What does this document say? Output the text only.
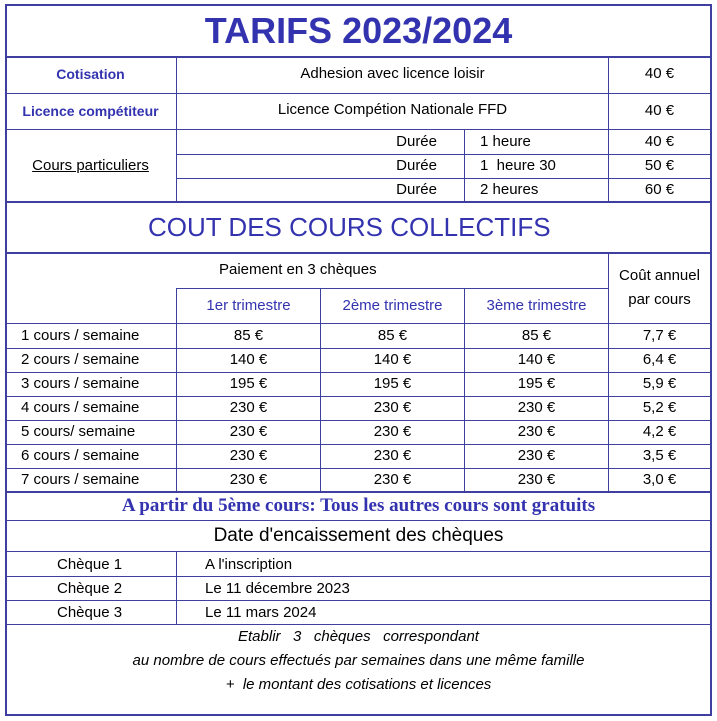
TARIFS 2023/2024
Cotisation	Adhesion avec licence loisir	40 €
Licence compétiteur	Licence Compétion Nationale FFD	40 €
Cours particuliers
Durée	1 heure	40 €
Durée	1  heure 30	50 €
Durée	2 heures	60 €
COUT DES COURS COLLECTIFS
Paiement en 3 chèques	Coût annuel
par cours
1er trimestre	2ème trimestre	3ème trimestre
1 cours / semaine	85 €	85 €	85 €	7,7 €
2 cours / semaine	140 €	140 €	140 €	6,4 €
3 cours / semaine	195 €	195 €	195 €	5,9 €
4 cours / semaine	230 €	230 €	230 €	5,2 €
5 cours/ semaine	230 €	230 €	230 €	4,2 €
6 cours / semaine	230 €	230 €	230 €	3,5 €
7 cours / semaine	230 €	230 €	230 €	3,0 €
A partir du 5ème cours: Tous les autres cours sont gratuits
Date d'encaissement des chèques
Chèque 1	A l'inscription
Chèque 2	Le 11 décembre 2023
Chèque 3	Le 11 mars 2024
Etablir   3   chèques   correspondant
au nombre de cours effectués par semaines dans une même famille
+  le montant des cotisations et licences
